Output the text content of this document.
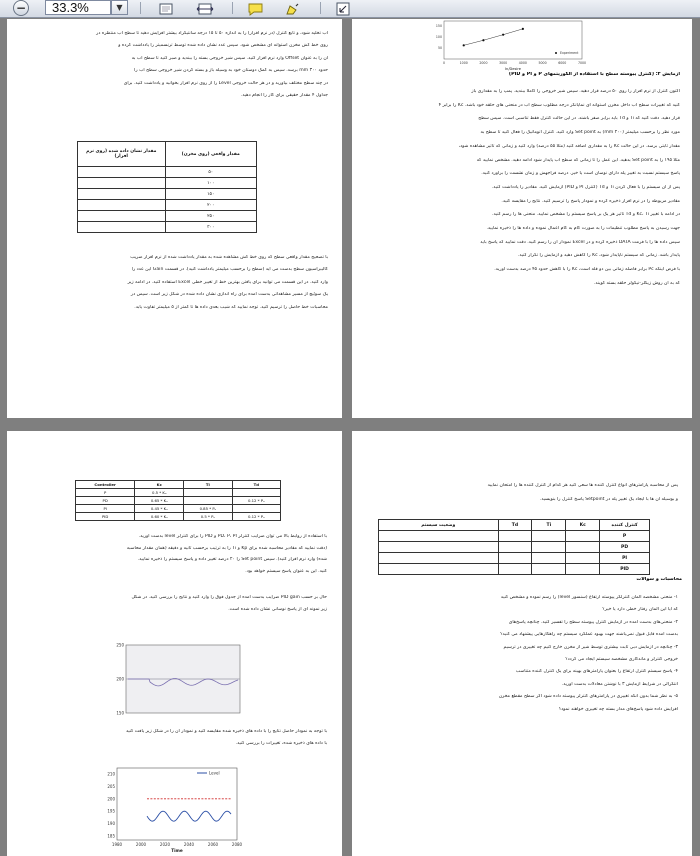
−	33.3%	▼
آب تخلیه شود، و تابع کنترل (در نرم افزار) را به اندازه ۵۰ تا ۱۵ درجه سانتیگراد بیشتر افزایش دهید تا سطح آب منتظره در
روی خط کش مخزن استوانه ای مشخص شود. سپس عدد نشان داده شده توسط ترنسمیتر را یادداشت کرده و
آن را به عنوان Offset وارد نرم افزار کنید. سپس شیر خروجی بسته را ببندید و صبر کنید تا سطح آب به
حدود ۳۰۰ mm برسد. سپس به کمک دوستان خود به وسیله باز و بسته کردن شیر خروجی سطح آب را
در چند سطح مختلف بیاورید و در هر حالت خروجی Level را از روی نرم افزار بخوانید و یادداشت کنید. برای
جداول ۴ مقدار حقیقی برای کار را انجام دهید.
مقدار نشان داده شده (روی نرم افزار)	مقدار واقعی (روی مخزن)
	۵۰
	۱۰۰
	۱۵۰
	۲۰۰
	۲۵۰
	۳۰۰
با تصحیح مقدار واقعی سطح که روی خط کش مشاهده شده به مقدار یادداشت شده از نرم افزار ضریب
کالیبراسیون سطح بدست می آید (سطح را برحسب میلیمتر یادداشت کنید). در قسمت Gain این عدد را
وارد کنید. در این قسمت می توانید برای یافتن بهترین خط از تغییر خطی Excel استفاده کنید. در ادامه زیر
یک سوئیچ از مسیر مشاهداتی بدست آمده برای راه اندازی نشان داده شده در شکل زیر است. سپس در
محاسبات خط حاصل را ترسیم کنید. توجه نمایید که شیب بعدی داده ها تا کمتر از ۵ میلیمتر تفاوت یابد.
0	1000	2000	3000	4000	5000	6000	7000
50
100
150
In/Desire
Experiment
آزمایش ۲: (کنترل پیوسته سطح با استفاده از الگوریتمهای P و PI و PID)
اکنون کنترل از نرم افزار را روی ۵۰ درصد قرار دهید. سپس شیر خروجی را کاملا ببندید. پمپ را به مقداری باز
کنید که تغییرات سطح آب داخل مخزن استوانه ای نمایانگر درجه مطلوب سطح آب در منحنی های حلقه خود باشد. Kc را برابر ۴
قرار دهید. دقت کنید که Ti و Td باید برابر صفر باشند. در این حالت کنترل فقط تناسبی است. سپس سطح
مورد نظر را برحسب میلیمتر (۲۰۰ mm) به Set point وارد کنید. کنترل اتوماتیک را فعال کنید تا سطح به
مقدار ثابتی برسد. در این حالت Kc را به مقداری اضافه کنید (مثلا ۵۵ درصد) وارد کنید و زمانی که تاثیر مشاهده شود،
مثلا ۱۹۵ را به Set point بدهید. این عمل را تا زمانی که سطح آب پایدار شود ادامه دهید. مشخص نمایید که
پاسخ سیستم نسبت به تغییر پله دارای نوسان است یا خیر. درصد فراجهش و زمان نشست را برآورد کنید.
پس از آن سیستم را با فعال کردن Ti و Td (کنترل PI و PID) آزمایش کنید. مقادیر را یادداشت کنید.
مقادیر مربوطه را در نرم افزار ذخیره کرده و نمودار پاسخ را ترسیم کنید. نتایج را مقایسه کنید.
در ادامه با تغییر Kc، Ti و Td تاثیر هر یک بر پاسخ سیستم را مشخص نمایید. منحنی ها را رسم کنید.
جهت رسیدن به پاسخ مطلوب تنظیمات را به صورت گام به گام اعمال نموده و داده ها را ذخیره نمایید.
سپس داده ها را با فرمت DATA ذخیره کرده و در Excel نمودار آن را رسم کنید. دقت نمایید که پاسخ باید
پایدار باشد. زمانی که سیستم ناپایدار شود، Kc را کاهش دهید و آزمایش را تکرار کنید.
با فرض اینکه Pc برابر فاصله زمانی بین دو قله است، Kc را با کاهش حدود ۴۵ درصد بدست آورید.
که به آن روش زیگلر-نیکولز حلقه بسته گویند.
Controller	Kc	Ti	Td
P	0.5 * Kᵤ		
PD	0.65 * Kᵤ		0.12 * Pᵤ
PI	0.45 * Kᵤ	0.85 * Pᵤ	
PID	0.60 * Kᵤ	0.5 * Pᵤ	0.12 * Pᵤ
با استفاده از روابط بالا می توان ضرایب کنترلر PD، P، PI و PID را برای کنترلر level بدست آورید.
(دقت نمایید که مقادیر محاسبه شده برای Kp و Ti را به ترتیب برحسب ثانیه و دقیقه (همان مقدار محاسبه
شده) وارد نرم افزار کنید). سپس Set point را ۲۰ درصد تغییر داده و پاسخ سیستم را ذخیره نمایید.
کنید. این به عنوان پاسخ سیستم خواهد بود.
حال بر حسب PID gain ضرایب بدست آمده از جدول فوق را وارد کنید و نتایج را بررسی کنید. در شکل
زیر نمونه ای از پاسخ نوسانی نشان داده شده است.
250
200
150
با توجه به نمودار حاصل نتایج را با داده های ذخیره شده مقایسه کنید و نمودار آن را در شکل زیر یافت کنید
با داده های ذخیره شده، تغییرات را بررسی کنید.
210
205
200
195
190
185
1980	2000	2020	2040	2060	2080
Time
Level
پس از محاسبه پارامترهای انواع کنترل کننده ها سعی کنید هر کدام از کنترل کننده ها را امتحان نمایید
و بوسیله آن ها با ایجاد یک تغییر پله در Setpoint پاسخ کنترل را بنویسید.
وضعیت سیستم	Td	Ti	Kc	کنترل کننده
				P
				PD
				PI
				PID
محاسبات و سوالات
۱- منحنی مشخصه المان کنترلکر پیوسته ارتفاع (سنسور level) را رسم نموده و مشخص کنید
که آیا این المان رفتار خطی دارد یا خیر؟
۲- منحنی‌های بدست آمده در آزمایش کنترل پیوسته سطح را تفسیر کنید. چنانچه پاسخ‌های
بدست آمده قابل قبول نمی‌باشند جهت بهبود عملکرد سیستم چه راهکارهایی پیشنهاد می کنید؟
۳- چنانچه در آزمایش دبی ثابت بیشتری توسط شیر از مخزن خارج کنیم چه تغییری در ترسیم
خروجی کنترلر و ماندگاری مشخصه سیستم ایجاد می گردد؟
۴- پاسخ سیستم کنترل ارتفاع را بعنوان پارامترهای بهینه برای یک کنترل کننده متناسب
انتگرالی در شرایط آزمایش ۳ با نوشتن معادلات بدست آورید.
۵- به نظر شما بدون آنکه تغییری در پارامترهای کنترلر پیوسته داده شود اگر سطح مقطع مخزن
افزایش داده شود پاسخ‌های مدار بسته چه تغییری خواهند نمود؟
